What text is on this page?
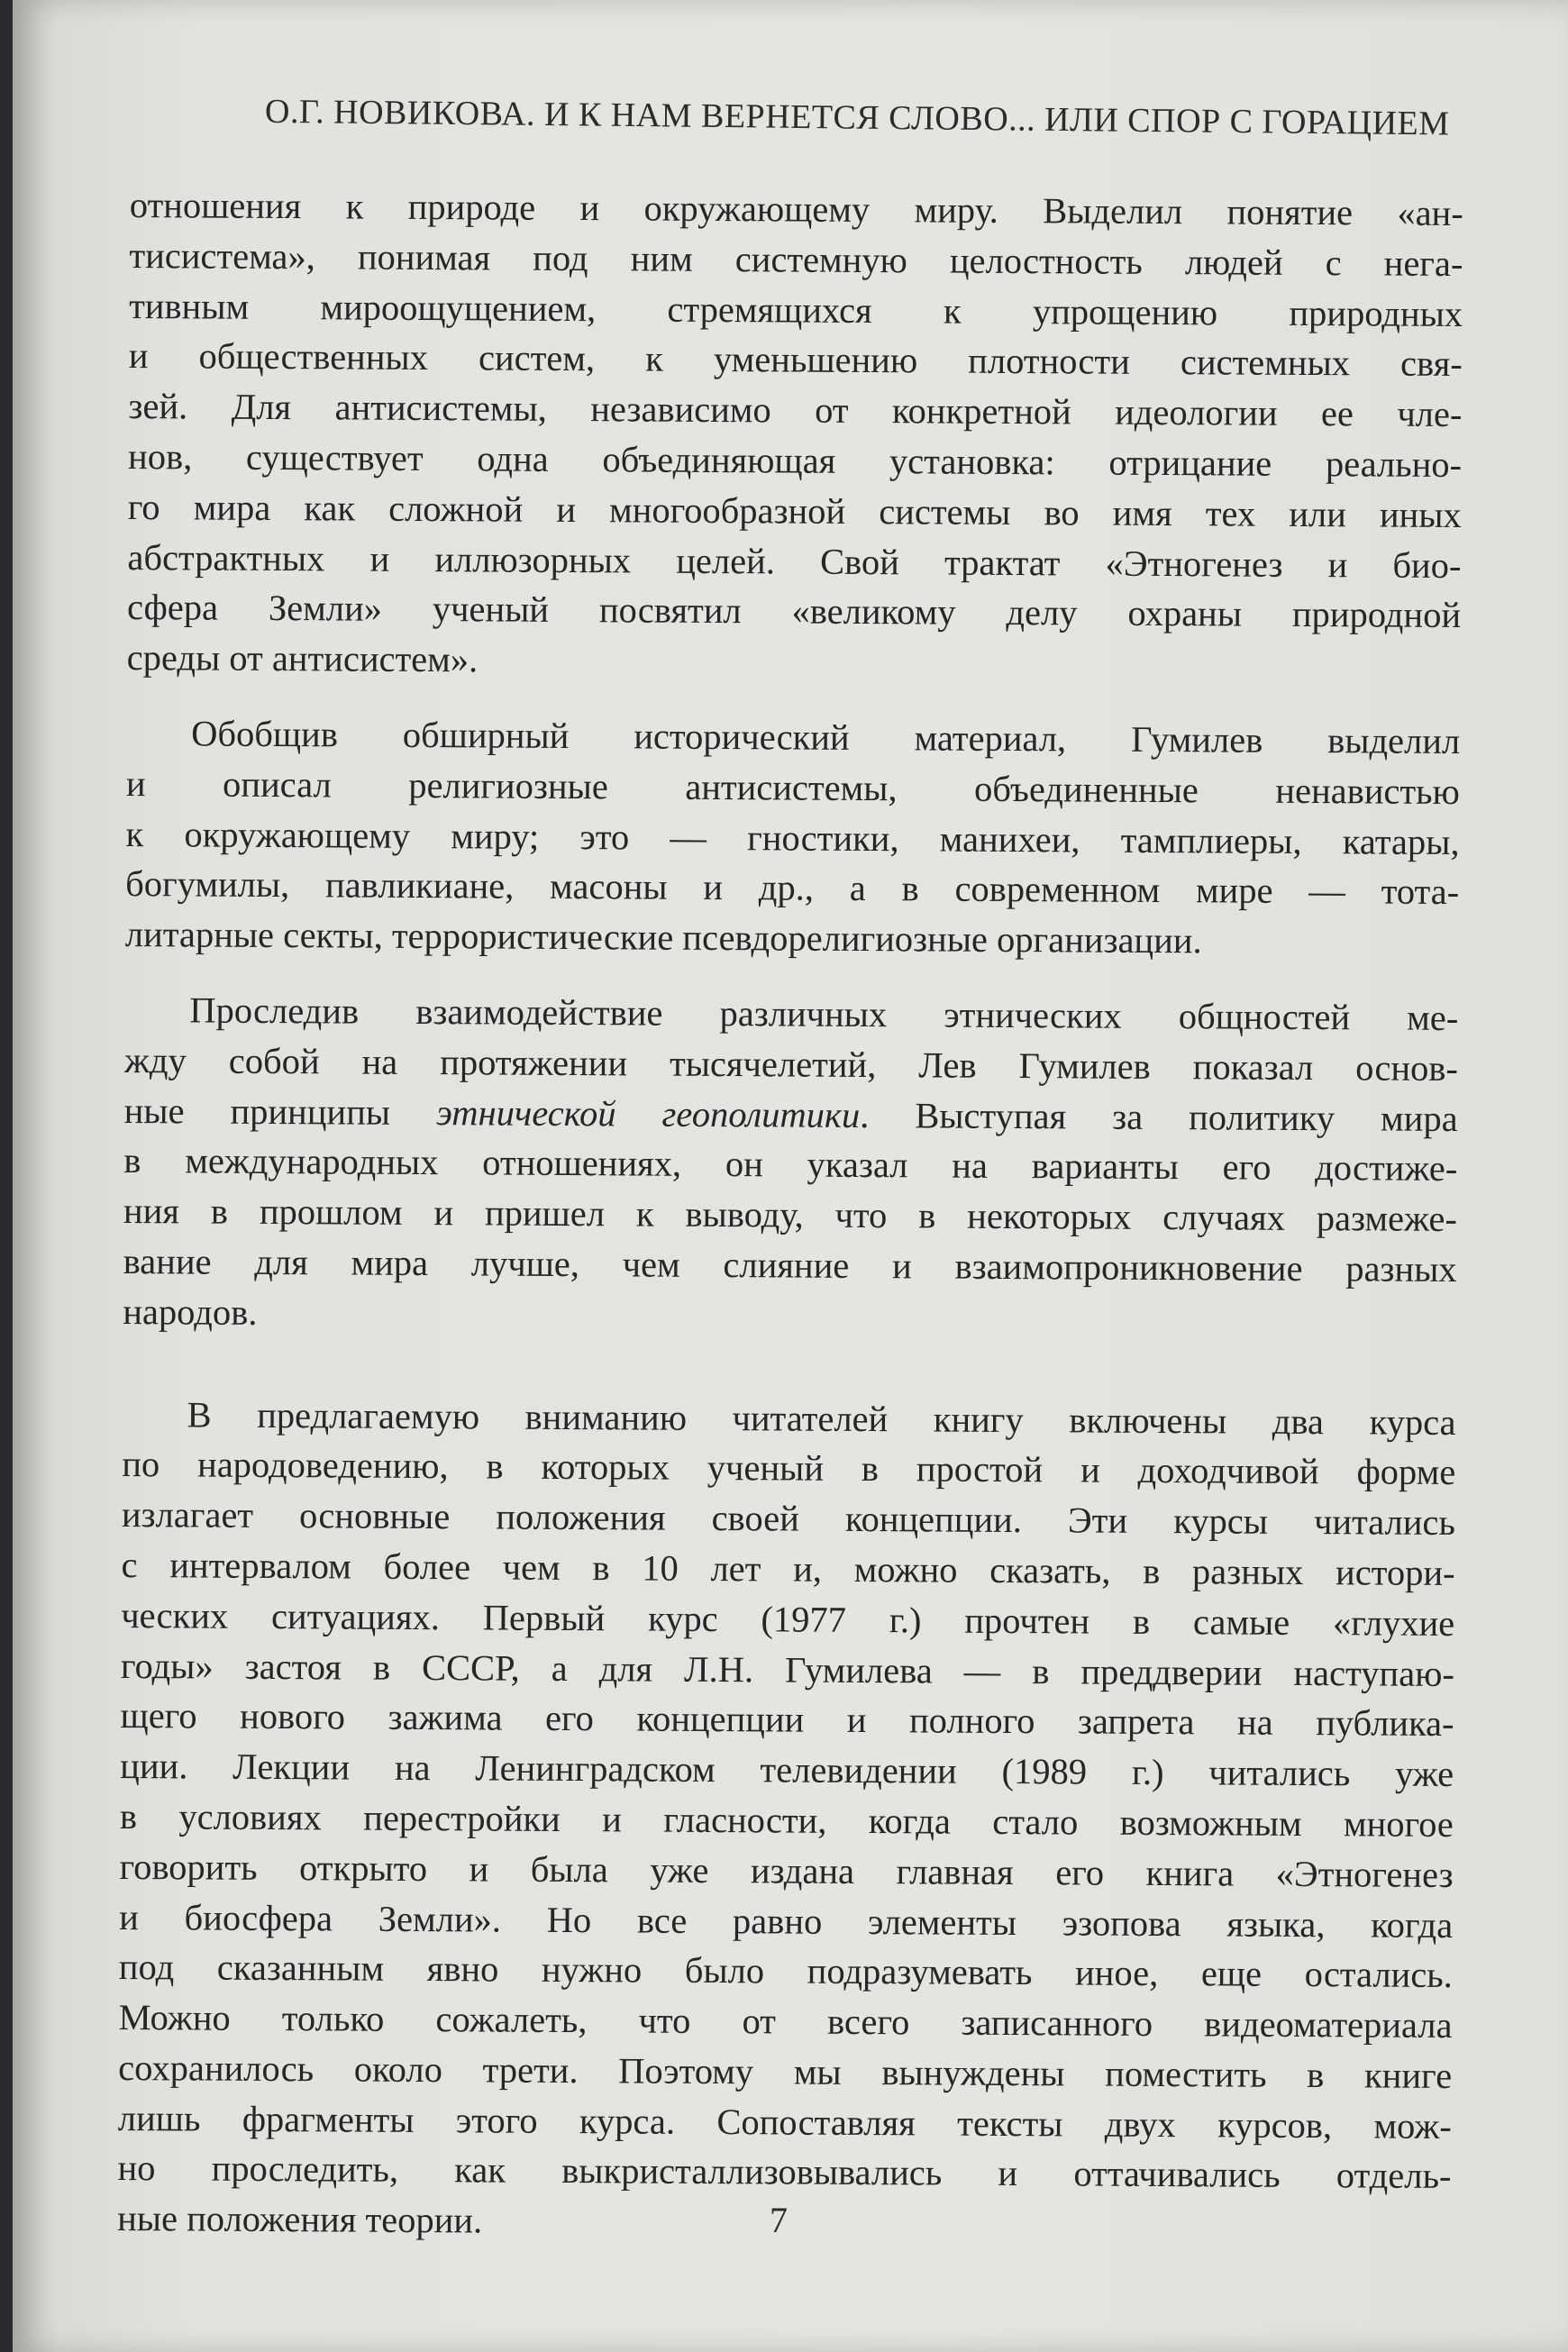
О.Г. НОВИКОВА. И К НАМ ВЕРНЕТСЯ СЛОВО... ИЛИ СПОР С ГОРАЦИЕМ
отношения к природе и окружающему миру. Выделил понятие «ан-
тисистема», понимая под ним системную целостность людей с нега-
тивным мироощущением, стремящихся к упрощению природных
и общественных систем, к уменьшению плотности системных свя-
зей. Для антисистемы, независимо от конкретной идеологии ее чле-
нов, существует одна объединяющая установка: отрицание реально-
го мира как сложной и многообразной системы во имя тех или иных
абстрактных и иллюзорных целей. Свой трактат «Этногенез и био-
сфера Земли» ученый посвятил «великому делу охраны природной
среды от антисистем».
Обобщив обширный исторический материал, Гумилев выделил
и описал религиозные антисистемы, объединенные ненавистью
к окружающему миру; это — гностики, манихеи, тамплиеры, катары,
богумилы, павликиане, масоны и др., а в современном мире — тота-
литарные секты, террористические псевдорелигиозные организации.
Проследив взаимодействие различных этнических общностей ме-
жду собой на протяжении тысячелетий, Лев Гумилев показал основ-
ные принципы этнической геополитики. Выступая за политику мира
в международных отношениях, он указал на варианты его достиже-
ния в прошлом и пришел к выводу, что в некоторых случаях размеже-
вание для мира лучше, чем слияние и взаимопроникновение разных
народов.
В предлагаемую вниманию читателей книгу включены два курса
по народоведению, в которых ученый в простой и доходчивой форме
излагает основные положения своей концепции. Эти курсы читались
с интервалом более чем в 10 лет и, можно сказать, в разных истори-
ческих ситуациях. Первый курс (1977 г.) прочтен в самые «глухие
годы» застоя в СССР, а для Л.Н. Гумилева — в преддверии наступаю-
щего нового зажима его концепции и полного запрета на публика-
ции. Лекции на Ленинградском телевидении (1989 г.) читались уже
в условиях перестройки и гласности, когда стало возможным многое
говорить открыто и была уже издана главная его книга «Этногенез
и биосфера Земли». Но все равно элементы эзопова языка, когда
под сказанным явно нужно было подразумевать иное, еще остались.
Можно только сожалеть, что от всего записанного видеоматериала
сохранилось около трети. Поэтому мы вынуждены поместить в книге
лишь фрагменты этого курса. Сопоставляя тексты двух курсов, мож-
но проследить, как выкристаллизовывались и оттачивались отдель-
ные положения теории.	7
